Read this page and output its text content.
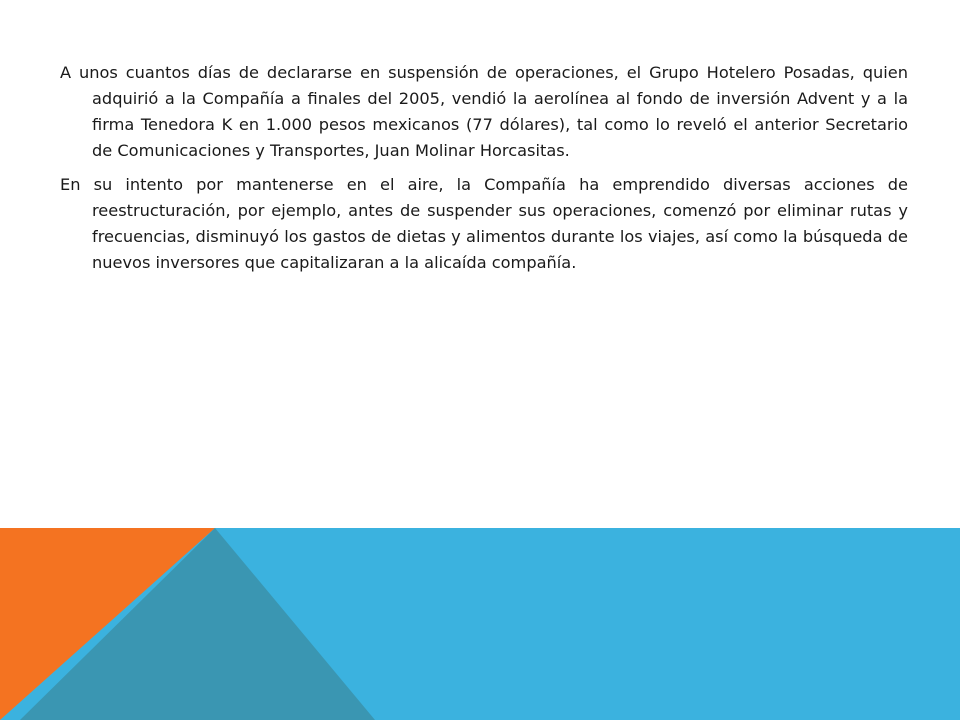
A unos cuantos días de declararse en suspensión de operaciones, el Grupo Hotelero Posadas, quien adquirió a la Compañía a finales del 2005, vendió la aerolínea al fondo de inversión Advent y a la firma Tenedora K en 1.000 pesos mexicanos (77 dólares), tal como lo reveló el anterior Secretario de Comunicaciones y Transportes, Juan Molinar Horcasitas.

En su intento por mantenerse en el aire, la Compañía ha emprendido diversas acciones de reestructuración, por ejemplo, antes de suspender sus operaciones, comenzó por eliminar rutas y frecuencias, disminuyó los gastos de dietas y alimentos durante los viajes, así como la búsqueda de nuevos inversores que capitalizaran a la alicaída compañía.
